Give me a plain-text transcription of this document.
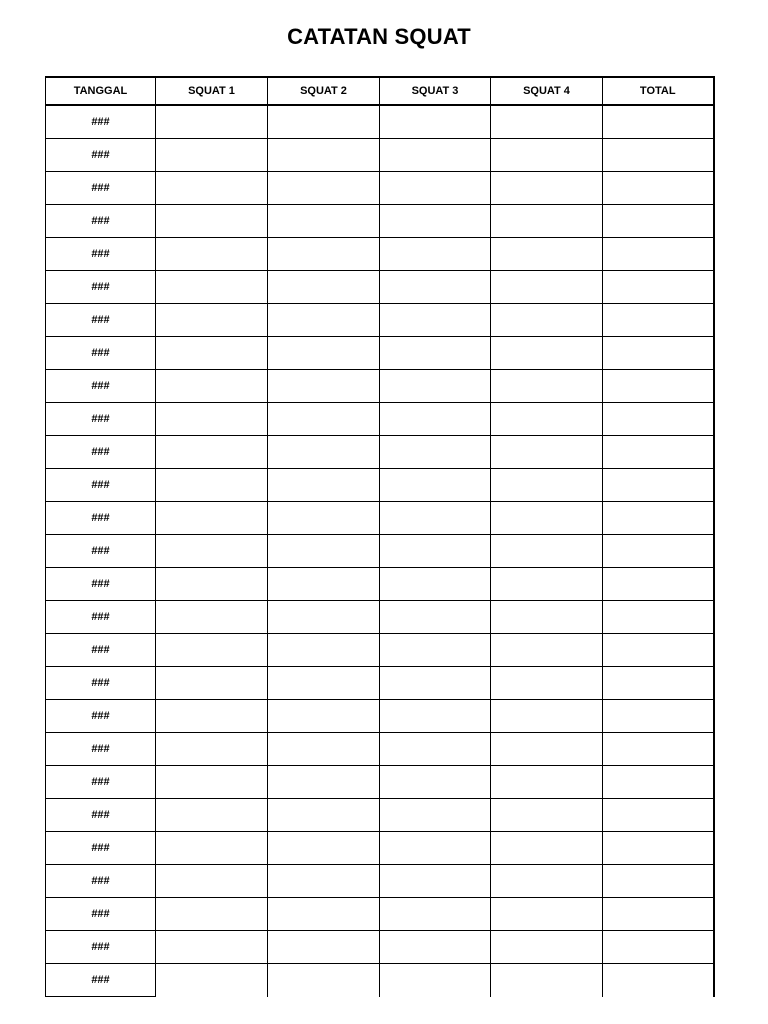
CATATAN SQUAT
TANGGAL	SQUAT 1	SQUAT 2	SQUAT 3	SQUAT 4	TOTAL
###					
###					
###					
###					
###					
###					
###					
###					
###					
###					
###					
###					
###					
###					
###					
###					
###					
###					
###					
###					
###					
###					
###					
###					
###					
###					
###					
